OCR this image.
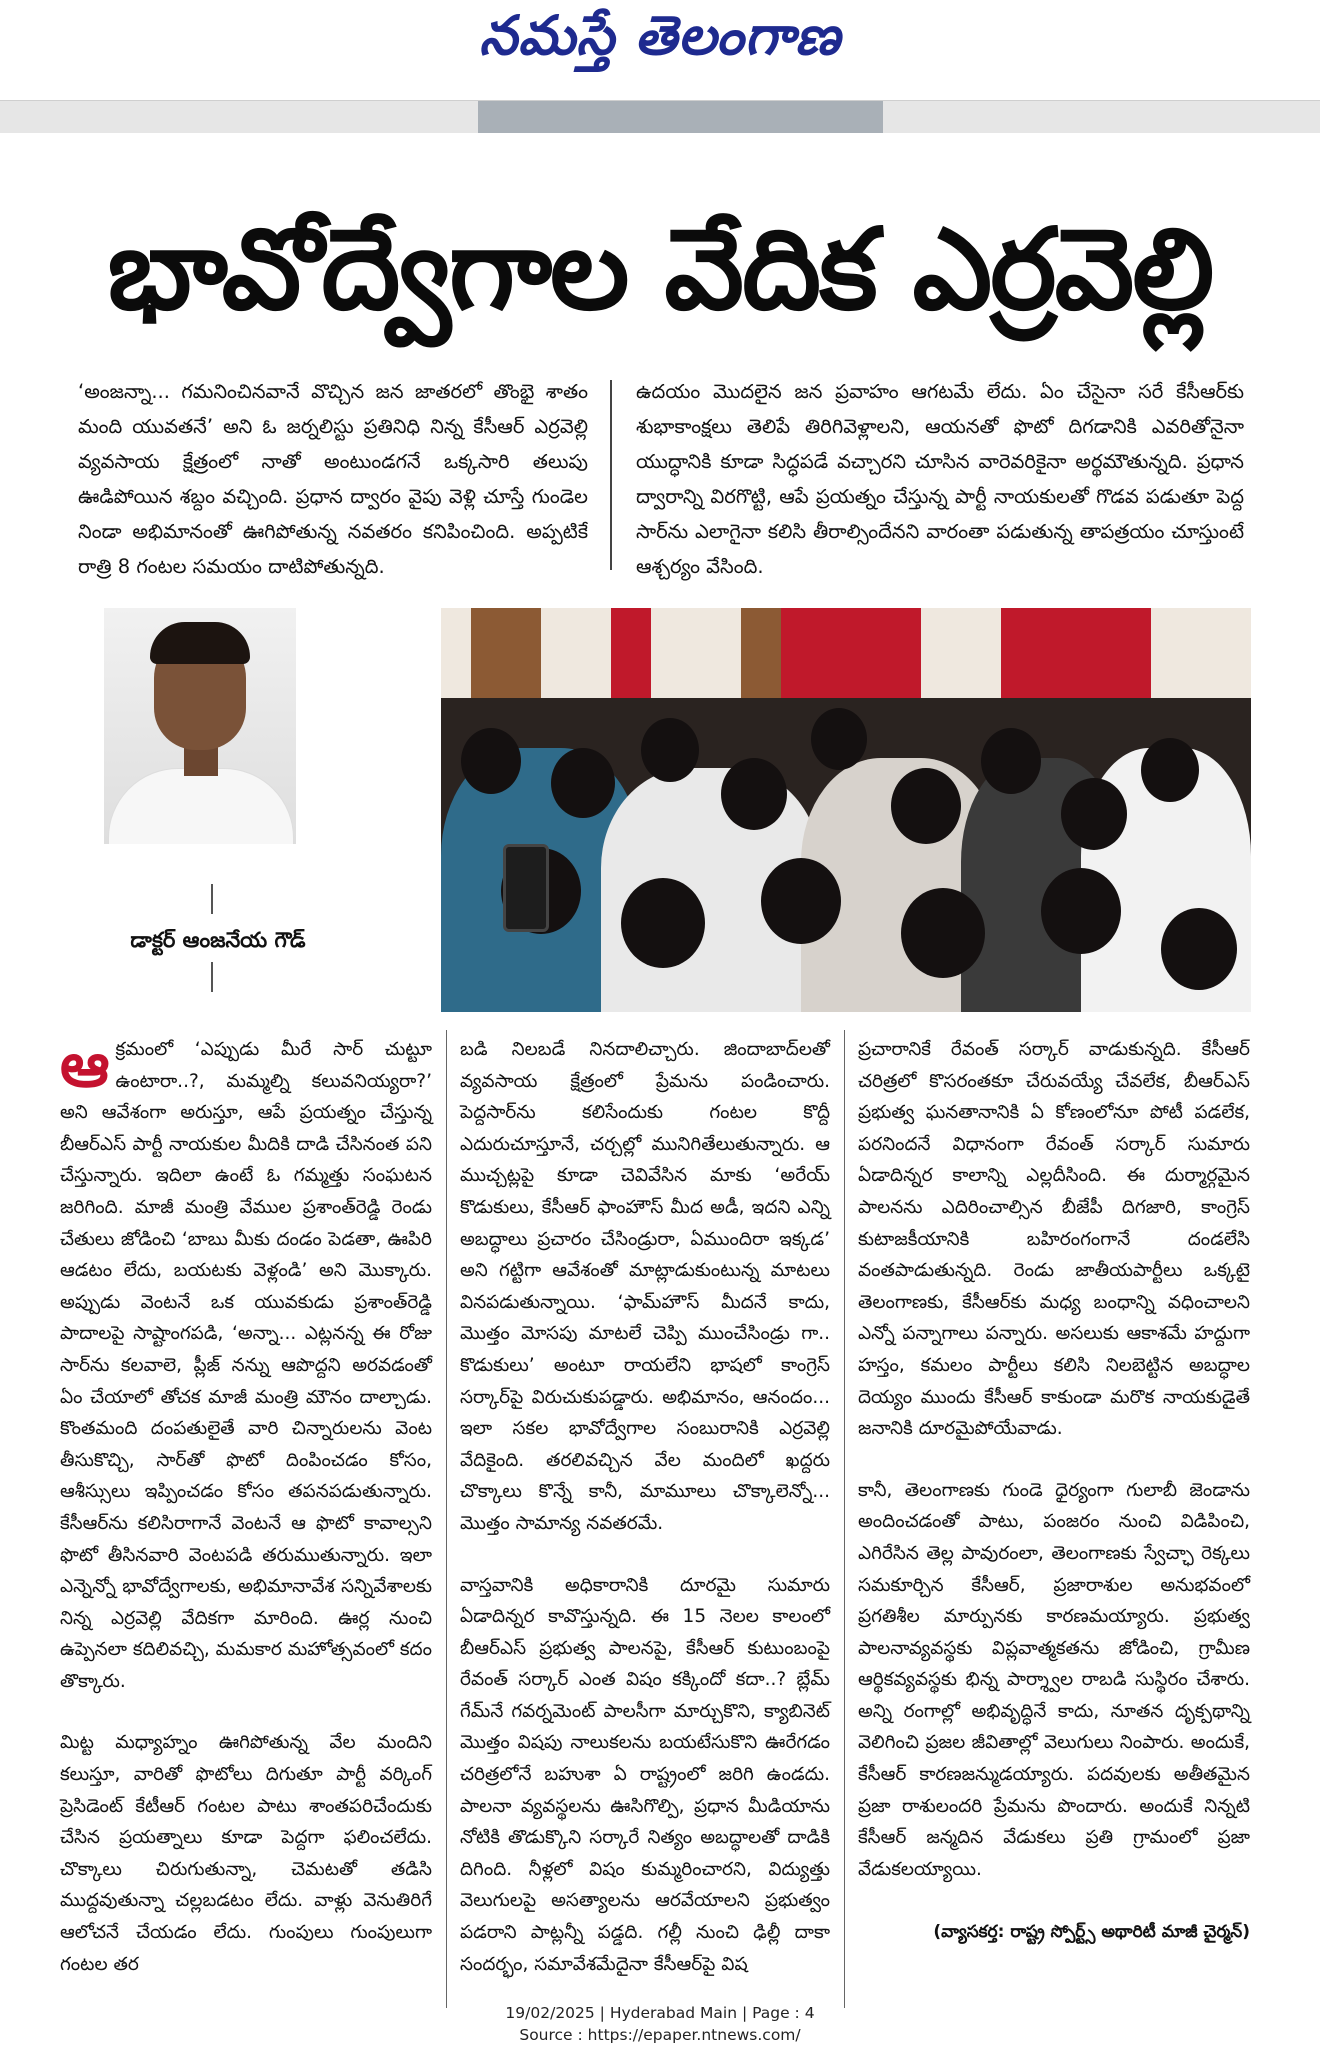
నమస్తే తెలంగాణ
భావోద్వేగాల వేదిక ఎర్రవెల్లి
‘అంజన్నా... గమనించినవానే వొచ్చిన జన జాతరలో తొంభై శాతం మంది యువతనే’ అని ఓ జర్నలిస్టు ప్రతినిధి నిన్న కేసీఆర్ ఎర్రవెల్లి వ్యవసాయ క్షేత్రంలో నాతో అంటుండగనే ఒక్కసారి తలుపు ఊడిపోయిన శబ్దం వచ్చింది. ప్రధాన ద్వారం వైపు వెళ్లి చూస్తే గుండెల నిండా అభిమానంతో ఊగిపోతున్న నవతరం కనిపించింది. అప్పటికే రాత్రి 8 గంటల సమయం దాటిపోతున్నది.
ఉదయం మొదలైన జన ప్రవాహం ఆగటమే లేదు. ఏం చేసైనా సరే కేసీఆర్‌కు శుభాకాంక్షలు తెలిపే తిరిగివెళ్లాలని, ఆయనతో ఫొటో దిగడానికి ఎవరితోనైనా యుద్ధానికి కూడా సిద్ధపడే వచ్చారని చూసిన వారెవరికైనా అర్థమౌతున్నది. ప్రధాన ద్వారాన్ని విరగొట్టి, ఆపే ప్రయత్నం చేస్తున్న పార్టీ నాయకులతో గొడవ పడుతూ పెద్ద సార్‌ను ఎలాగైనా కలిసి తీరాల్సిందేనని వారంతా పడుతున్న తాపత్రయం చూస్తుంటే ఆశ్చర్యం వేసింది.
డాక్టర్ ఆంజనేయ గౌడ్

ఆక్రమంలో ‘ఎప్పుడు మీరే సార్ చుట్టూ ఉంటారా..?, మమ్మల్ని కలువనియ్యరా?’ అని ఆవేశంగా అరుస్తూ, ఆపే ప్రయత్నం చేస్తున్న బీఆర్‌ఎస్ పార్టీ నాయకుల మీదికి దాడి చేసినంత పని చేస్తున్నారు. ఇదిలా ఉంటే ఓ గమ్మత్తు సంఘటన జరిగింది. మాజీ మంత్రి వేముల ప్రశాంత్‌రెడ్డి రెండు చేతులు జోడించి ‘బాబు మీకు దండం పెడతా, ఊపిరి ఆడటం లేదు, బయటకు వెళ్లండి’ అని మొక్కారు. అప్పుడు వెంటనే ఒక యువకుడు ప్రశాంత్‌రెడ్డి పాదాలపై సాష్టాంగపడి, ‘అన్నా... ఎట్లనన్న ఈ రోజు సార్‌ను కలవాలె, ప్లీజ్ నన్ను ఆపొద్దని అరవడంతో ఏం చేయాలో తోచక మాజీ మంత్రి మౌనం దాల్చాడు. కొంతమంది దంపతులైతే వారి చిన్నారులను వెంట తీసుకొచ్చి, సార్‌తో ఫొటో దింపించడం కోసం, ఆశీస్సులు ఇప్పించడం కోసం తపనపడుతున్నారు. కేసీఆర్‌ను కలిసిరాగానే వెంటనే ఆ ఫొటో కావాల్సని ఫొటో తీసినవారి వెంటపడి తరుముతున్నారు. ఇలా ఎన్నెన్నో భావోద్వేగాలకు, అభిమానావేశ సన్నివేశాలకు నిన్న ఎర్రవెల్లి వేదికగా మారింది. ఊర్ల నుంచి ఉప్పెనలా కదిలివచ్చి, మమకార మహోత్సవంలో కదం తొక్కారు.

మిట్ట మధ్యాహ్నం ఊగిపోతున్న వేల మందిని కలుస్తూ, వారితో ఫొటోలు దిగుతూ పార్టీ వర్కింగ్ ప్రెసిడెంట్ కేటీఆర్ గంటల పాటు శాంతపరిచేందుకు చేసిన ప్రయత్నాలు కూడా పెద్దగా ఫలించలేదు. చొక్కాలు చిరుగుతున్నా, చెమటతో తడిసి ముద్దవుతున్నా చల్లబడటం లేదు. వాళ్లు వెనుతిరిగే ఆలోచనే చేయడం లేదు. గుంపులు గుంపులుగా గంటల తర

బడి నిలబడే నినదాలిచ్చారు. జిందాబాద్‌లతో వ్యవసాయ క్షేత్రంలో ప్రేమను పండించారు. పెద్దసార్‌ను కలిసేందుకు గంటల కొద్దీ ఎదురుచూస్తూనే, చర్చల్లో మునిగితేలుతున్నారు. ఆ ముచ్చట్లపై కూడా చెవివేసిన మాకు ‘అరేయ్ కొడుకులు, కేసీఆర్ ఫాంహౌస్ మీద అడీ, ఇదని ఎన్ని అబద్ధాలు ప్రచారం చేసిండ్రురా, ఏముందిరా ఇక్కడ’ అని గట్టిగా ఆవేశంతో మాట్లాడుకుంటున్న మాటలు వినపడుతున్నాయి. ‘ఫామ్‌హౌస్ మీదనే కాదు, మొత్తం మోసపు మాటలే చెప్పి ముంచేసిండ్రు గా.. కొడుకులు’ అంటూ రాయలేని భాషలో కాంగ్రెస్ సర్కార్‌పై విరుచుకుపడ్డారు. అభిమానం, ఆనందం... ఇలా సకల భావోద్వేగాల సంబురానికి ఎర్రవెల్లి వేదికైంది. తరలివచ్చిన వేల మందిలో ఖద్దరు చొక్కాలు కొన్నే కానీ, మామూలు చొక్కాలెన్నో... మొత్తం సామాన్య నవతరమే.

వాస్తవానికి అధికారానికి దూరమై సుమారు ఏడాదిన్నర కావొస్తున్నది. ఈ 15 నెలల కాలంలో బీఆర్‌ఎస్ ప్రభుత్వ పాలనపై, కేసీఆర్ కుటుంబంపై రేవంత్ సర్కార్ ఎంత విషం కక్కిందో కదా..? బ్లేమ్ గేమ్‌నే గవర్నమెంట్ పాలసీగా మార్చుకొని, క్యాబినెట్ మొత్తం విషపు నాలుకలను బయటేసుకొని ఊరేగడం చరిత్రలోనే బహుశా ఏ రాష్ట్రంలో జరిగి ఉండదు. పాలనా వ్యవస్థలను ఊసిగొల్పి, ప్రధాన మీడియాను నోటికి తొడుక్కొని సర్కారే నిత్యం అబద్ధాలతో దాడికి దిగింది. నీళ్లలో విషం కుమ్మరించారని, విద్యుత్తు వెలుగులపై అసత్యాలను ఆరవేయాలని ప్రభుత్వం పడరాని పాట్లన్నీ పడ్డది. గల్లీ నుంచి ఢిల్లీ దాకా సందర్భం, సమావేశమేదైనా కేసీఆర్‌పై విష

ప్రచారానికే రేవంత్ సర్కార్ వాడుకున్నది. కేసీఆర్ చరిత్రలో కొసరంతకూ చేరువయ్యే చేవలేక, బీఆర్‌ఎస్ ప్రభుత్వ ఘనతానానికి ఏ కోణంలోనూ పోటీ పడలేక, పరనిందనే విధానంగా రేవంత్ సర్కార్ సుమారు ఏడాదిన్నర కాలాన్ని ఎల్లదీసింది. ఈ దుర్మార్గమైన పాలనను ఎదిరించాల్సిన బీజేపీ దిగజారి, కాంగ్రెస్ కుటాజకీయానికి బహిరంగంగానే దండలేసి వంతపాడుతున్నది. రెండు జాతీయపార్టీలు ఒక్కటై తెలంగాణకు, కేసీఆర్‌కు మధ్య బంధాన్ని వధించాలని ఎన్నో పన్నాగాలు పన్నారు. అసలుకు ఆకాశమే హద్దుగా హస్తం, కమలం పార్టీలు కలిసి నిలబెట్టిన అబద్ధాల దెయ్యం ముందు కేసీఆర్ కాకుండా మరొక నాయకుడైతే జనానికి దూరమైపోయేవాడు.

కానీ, తెలంగాణకు గుండె ధైర్యంగా గులాబీ జెండాను అందించడంతో పాటు, పంజరం నుంచి విడిపించి, ఎగిరేసిన తెల్ల పావురంలా, తెలంగాణకు స్వేచ్ఛా రెక్కలు సమకూర్చిన కేసీఆర్, ప్రజారాశుల అనుభవంలో ప్రగతిశీల మార్పునకు కారణమయ్యారు. ప్రభుత్వ పాలనావ్యవస్థకు విప్లవాత్మకతను జోడించి, గ్రామీణ ఆర్థికవ్యవస్థకు భిన్న పార్శ్వాల రాబడి సుస్థిరం చేశారు. అన్ని రంగాల్లో అభివృద్ధినే కాదు, నూతన దృక్పథాన్ని వెలిగించి ప్రజల జీవితాల్లో వెలుగులు నింపారు. అందుకే, కేసీఆర్ కారణజన్ముడయ్యారు. పదవులకు అతీతమైన ప్రజా రాశులందరి ప్రేమను పొందారు. అందుకే నిన్నటి కేసీఆర్ జన్మదిన వేడుకలు ప్రతి గ్రామంలో ప్రజా వేడుకలయ్యాయి.

(వ్యాసకర్త: రాష్ట్ర స్పోర్ట్స్ అథారిటీ మాజీ చైర్మన్)
19/02/2025 | Hyderabad Main | Page : 4
Source : https://epaper.ntnews.com/
